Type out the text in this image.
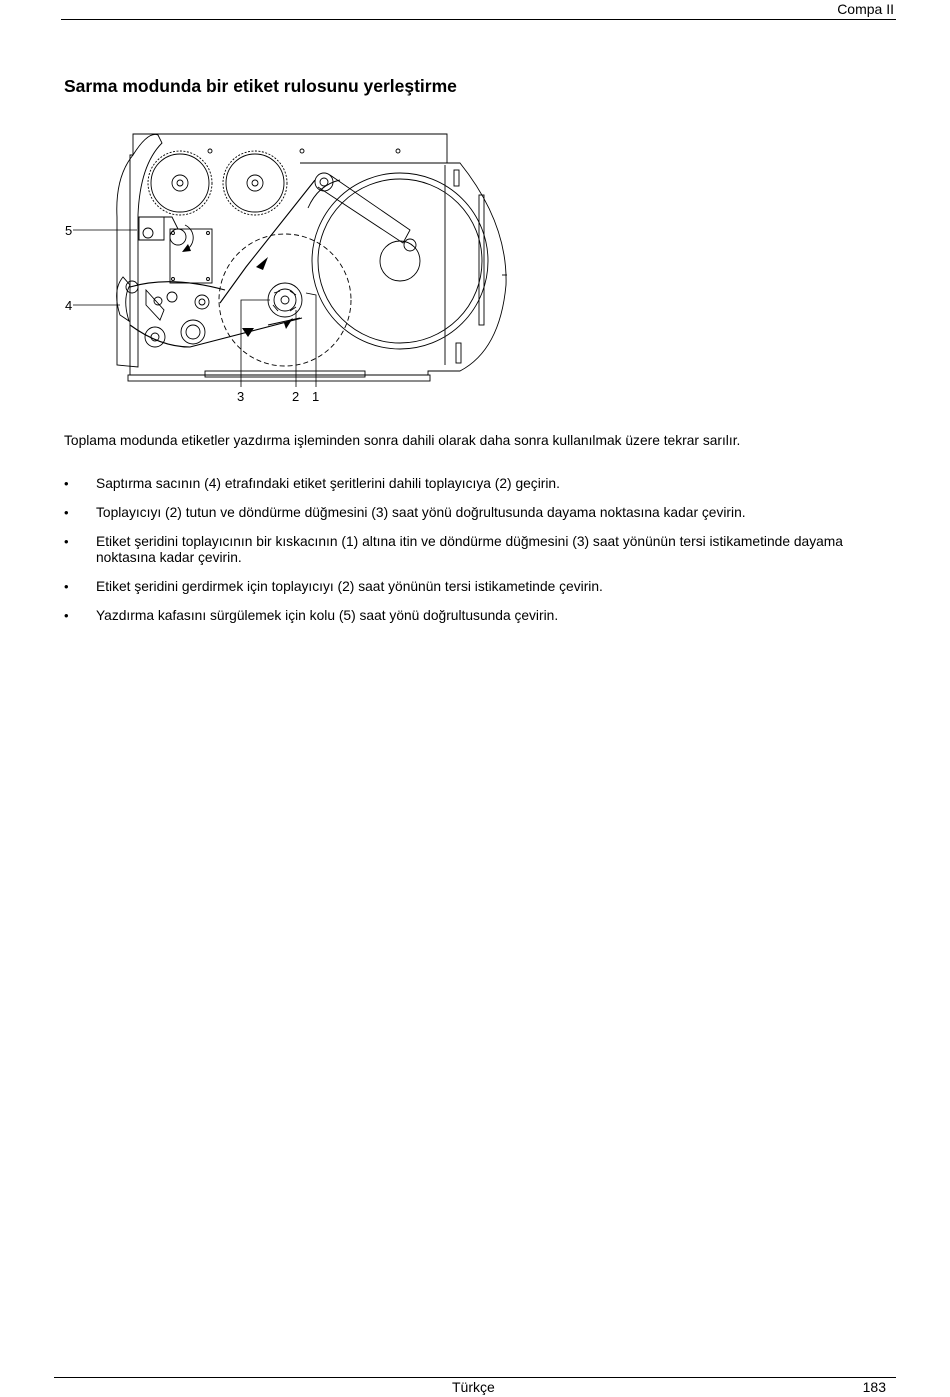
Compa II
Sarma modunda bir etiket rulosunu yerleştirme
5
4
3	2 1

Toplama modunda etiketler yazdırma işleminden sonra dahili olarak daha sonra kullanılmak üzere tekrar sarılır.

• Saptırma sacının (4) etrafındaki etiket şeritlerini dahili toplayıcıya (2) geçirin.
• Toplayıcıyı (2) tutun ve döndürme düğmesini (3) saat yönü doğrultusunda dayama noktasına kadar çevirin.
• Etiket şeridini toplayıcının bir kıskacının (1) altına itin ve döndürme düğmesini (3) saat yönünün tersi istikametinde dayama noktasına kadar çevirin.
• Etiket şeridini gerdirmek için toplayıcıyı (2) saat yönünün tersi istikametinde çevirin.
• Yazdırma kafasını sürgülemek için kolu (5) saat yönü doğrultusunda çevirin.
Türkçe	183
